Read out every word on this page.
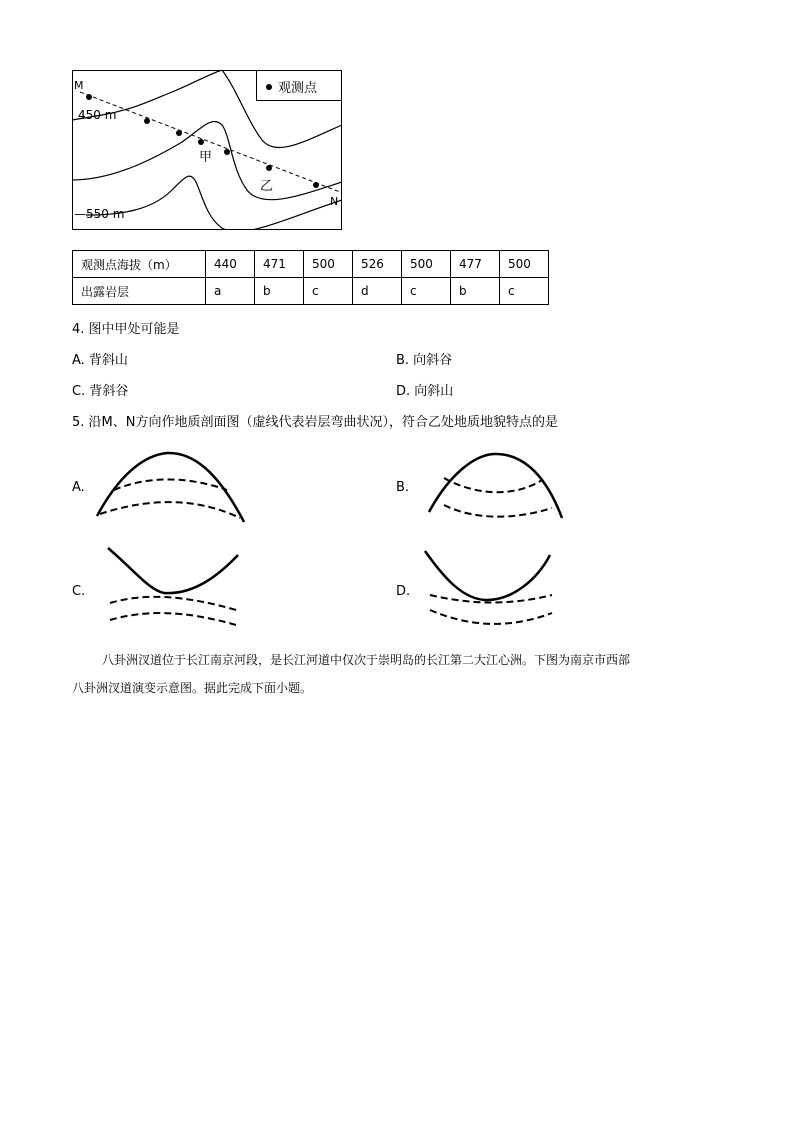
观测点
M
N
450 m
—550 m
甲
乙
观测点海拔（m）	440	471	500	526	500	477	500
出露岩层	a	b	c	d	c	b	c
4. 图中甲处可能是
A. 背斜山	B. 向斜谷
C. 背斜谷	D. 向斜山
5. 沿M、N方向作地质剖面图（虚线代表岩层弯曲状况），符合乙处地质地貌特点的是
A.	B.
C.	D.
八卦洲汊道位于长江南京河段，是长江河道中仅次于崇明岛的长江第二大江心洲。下图为南京市西部
八卦洲汊道演变示意图。据此完成下面小题。
